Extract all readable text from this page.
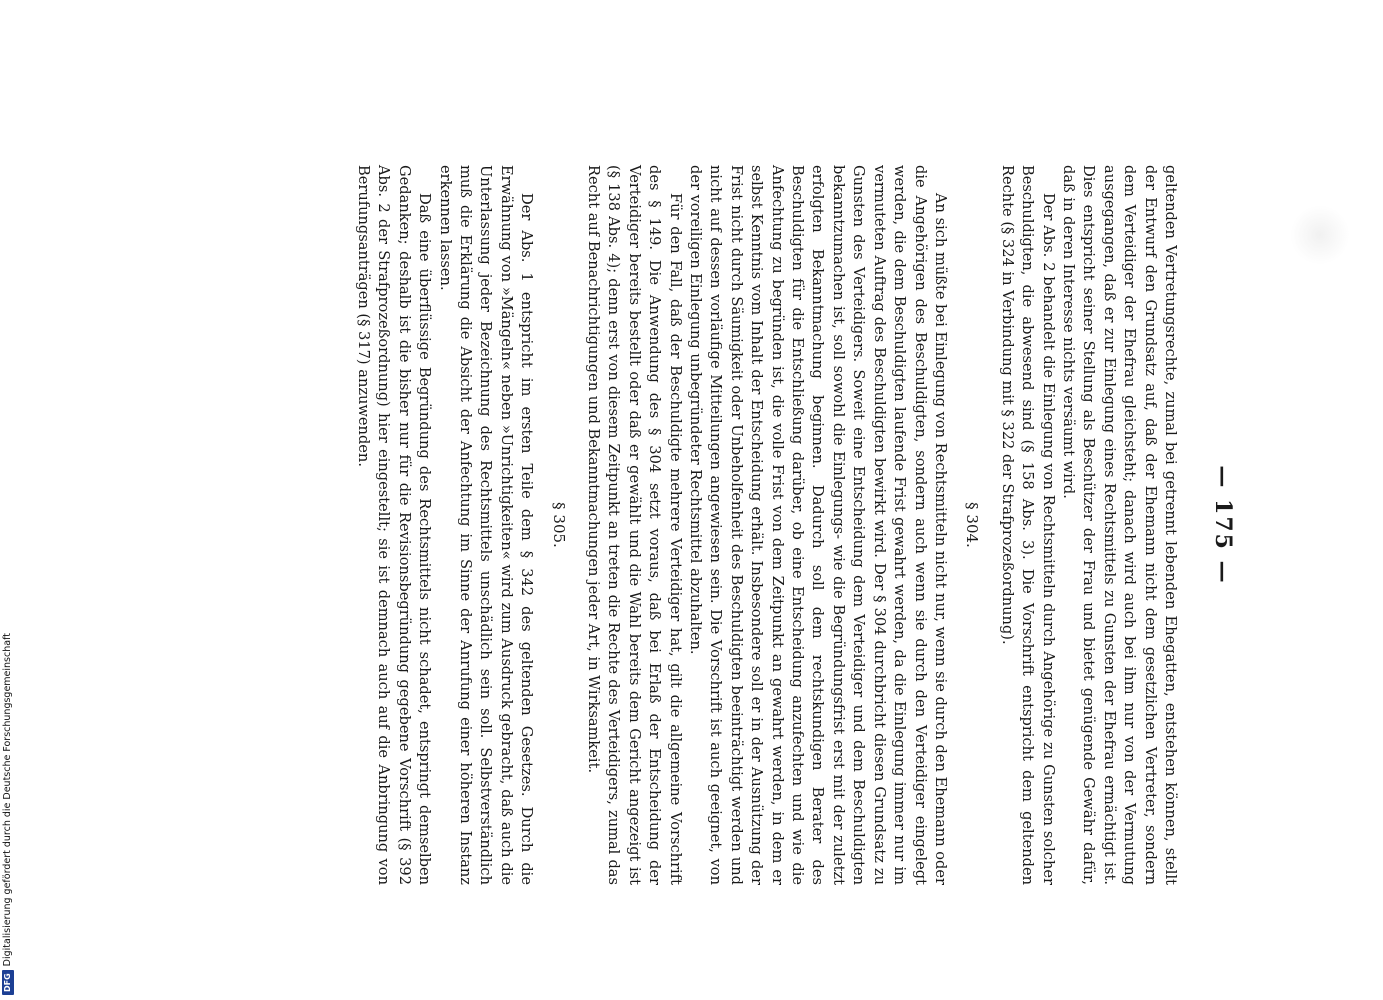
— 175 —

geltenden Vertretungsrechte, zumal bei getrennt lebenden Ehegatten, entstehen können, stellt der Entwurf den Grundsatz auf, daß der Ehemann nicht dem gesetzlichen Vertreter, sondern dem Verteidiger der Ehefrau gleichsteht; danach wird auch bei ihm nur von der Vermutung ausgegangen, daß er zur Einlegung eines Rechtsmittels zu Gunsten der Ehefrau ermächtigt ist. Dies entspricht seiner Stellung als Beschützer der Frau und bietet genügende Gewähr dafür, daß in deren Interesse nichts versäumt wird.

Der Abs. 2 behandelt die Einlegung von Rechtsmitteln durch Angehörige zu Gunsten solcher Beschuldigten, die abwesend sind (§ 158 Abs. 3). Die Vorschrift entspricht dem geltenden Rechte (§ 324 in Verbindung mit § 322 der Strafprozeßordnung).

§ 304.

An sich müßte bei Einlegung von Rechtsmitteln nicht nur, wenn sie durch den Ehemann oder die Angehörigen des Beschuldigten, sondern auch wenn sie durch den Verteidiger eingelegt werden, die dem Beschuldigten laufende Frist gewahrt werden, da die Einlegung immer nur im vermuteten Auftrag des Beschuldigten bewirkt wird. Der § 304 durchbricht diesen Grundsatz zu Gunsten des Verteidigers. Soweit eine Entscheidung dem Verteidiger und dem Beschuldigten bekanntzumachen ist, soll sowohl die Einlegungs- wie die Begründungsfrist erst mit der zuletzt erfolgten Bekanntmachung beginnen. Dadurch soll dem rechtskundigen Berater des Beschuldigten für die Entschließung darüber, ob eine Entscheidung anzufechten und wie die Anfechtung zu begründen ist, die volle Frist von dem Zeitpunkt an gewahrt werden, in dem er selbst Kenntnis vom Inhalt der Entscheidung erhält. Insbesondere soll er in der Ausnützung der Frist nicht durch Säumigkeit oder Unbeholfenheit des Beschuldigten beeinträchtigt werden und nicht auf dessen vorläufige Mitteilungen angewiesen sein. Die Vorschrift ist auch geeignet, von der voreiligen Einlegung unbegründeter Rechtsmittel abzuhalten.

Für den Fall, daß der Beschuldigte mehrere Verteidiger hat, gilt die allgemeine Vorschrift des § 149. Die Anwendung des § 304 setzt voraus, daß bei Erlaß der Entscheidung der Verteidiger bereits bestellt oder daß er gewählt und die Wahl bereits dem Gericht angezeigt ist (§ 138 Abs. 4); denn erst von diesem Zeitpunkt an treten die Rechte des Verteidigers, zumal das Recht auf Benachrichtigungen und Bekanntmachungen jeder Art, in Wirksamkeit.

§ 305.

Der Abs. 1 entspricht im ersten Teile dem § 342 des geltenden Gesetzes. Durch die Erwähnung von »Mängeln« neben »Unrichtigkeiten« wird zum Ausdruck gebracht, daß auch die Unterlassung jeder Bezeichnung des Rechtsmittels unschädlich sein soll. Selbstverständlich muß die Erklärung die Absicht der Anfechtung im Sinne der Anrufung einer höheren Instanz erkennen lassen.

Daß eine überflüssige Begründung des Rechtsmittels nicht schadet, entspringt demselben Gedanken; deshalb ist die bisher nur für die Revisionsbegründung gegebene Vorschrift (§ 392 Abs. 2 der Strafprozeßordnung) hier eingestellt; sie ist demnach auch auf die Anbringung von Berufungsanträgen (§ 317) anzuwenden.

DFGDigitalisierung gefördert durch die Deutsche Forschungsgemeinschaft
